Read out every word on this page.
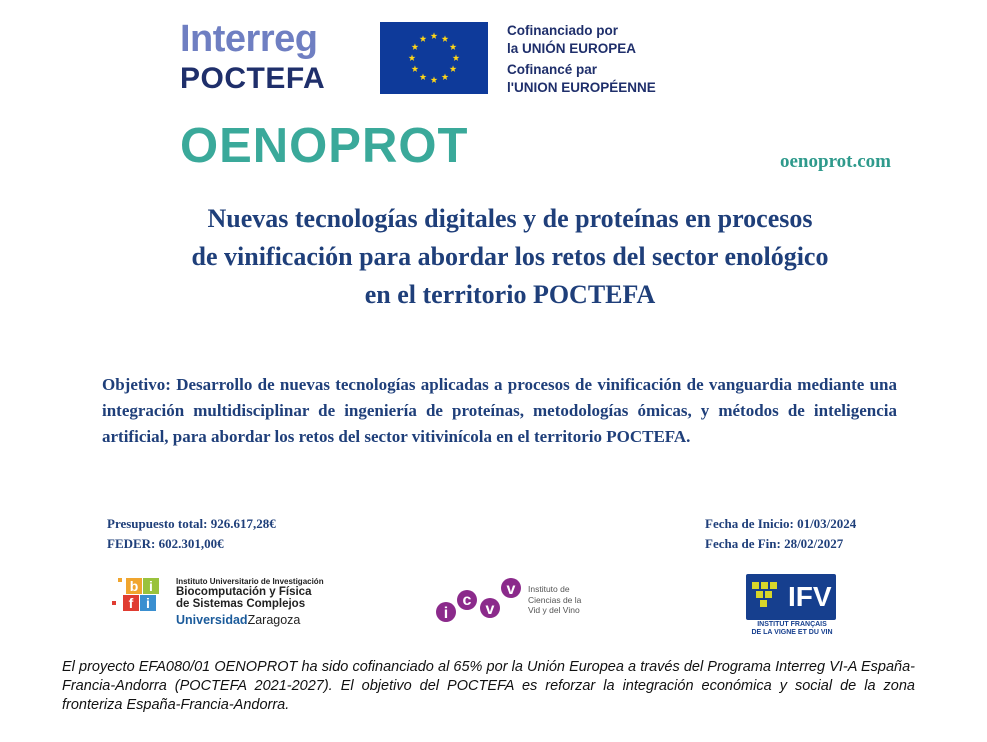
Interreg
POCTEFA
Cofinanciado por
la UNIÓN EUROPEA
Cofinancé par
l'UNION EUROPÉENNE
OENOPROT	oenoprot.com
Nuevas tecnologías digitales y de proteínas en procesos
de vinificación para abordar los retos del sector enológico
en el territorio POCTEFA
Objetivo: Desarrollo de nuevas tecnologías aplicadas a procesos de vinificación de vanguardia mediante una integración multidisciplinar de ingeniería de proteínas, metodologías ómicas, y métodos de inteligencia artificial, para abordar los retos del sector vitivinícola en el territorio POCTEFA.
Presupuesto total: 926.617,28€
FEDER: 602.301,00€
Fecha de Inicio: 01/03/2024
Fecha de Fin: 28/02/2027
b i
f i
Instituto Universitario de Investigación
Biocomputación y Física
de Sistemas Complejos
UniversidadZaragoza	i
c
v
v Instituto de
Ciencias de la
Vid y del Vino	IFV
INSTITUT FRANÇAIS
DE LA VIGNE ET DU VIN
El proyecto EFA080/01 OENOPROT ha sido cofinanciado al 65% por la Unión Europea a través del Programa Interreg VI-A España-Francia-Andorra (POCTEFA 2021-2027). El objetivo del POCTEFA es reforzar la integración económica y social de la zona fronteriza España-Francia-Andorra.
